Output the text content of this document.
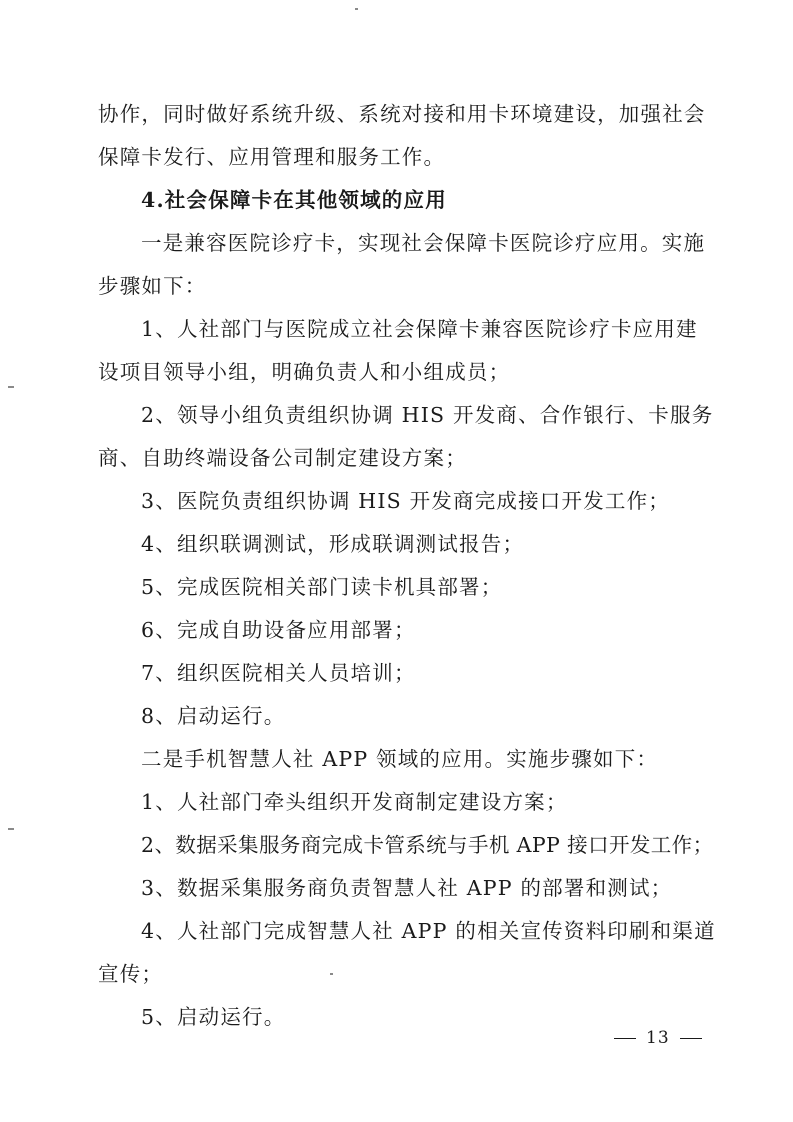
协作，同时做好系统升级、系统对接和用卡环境建设，加强社会
保障卡发行、应用管理和服务工作。
4.社会保障卡在其他领域的应用
一是兼容医院诊疗卡，实现社会保障卡医院诊疗应用。实施
步骤如下：
1、人社部门与医院成立社会保障卡兼容医院诊疗卡应用建
设项目领导小组，明确负责人和小组成员；
2、领导小组负责组织协调 HIS 开发商、合作银行、卡服务
商、自助终端设备公司制定建设方案；
3、医院负责组织协调 HIS 开发商完成接口开发工作；
4、组织联调测试，形成联调测试报告；
5、完成医院相关部门读卡机具部署；
6、完成自助设备应用部署；
7、组织医院相关人员培训；
8、启动运行。
二是手机智慧人社 APP 领域的应用。实施步骤如下：
1、人社部门牵头组织开发商制定建设方案；
2、数据采集服务商完成卡管系统与手机 APP 接口开发工作；
3、数据采集服务商负责智慧人社 APP 的部署和测试；
4、人社部门完成智慧人社 APP 的相关宣传资料印刷和渠道
宣传；
5、启动运行。
13
